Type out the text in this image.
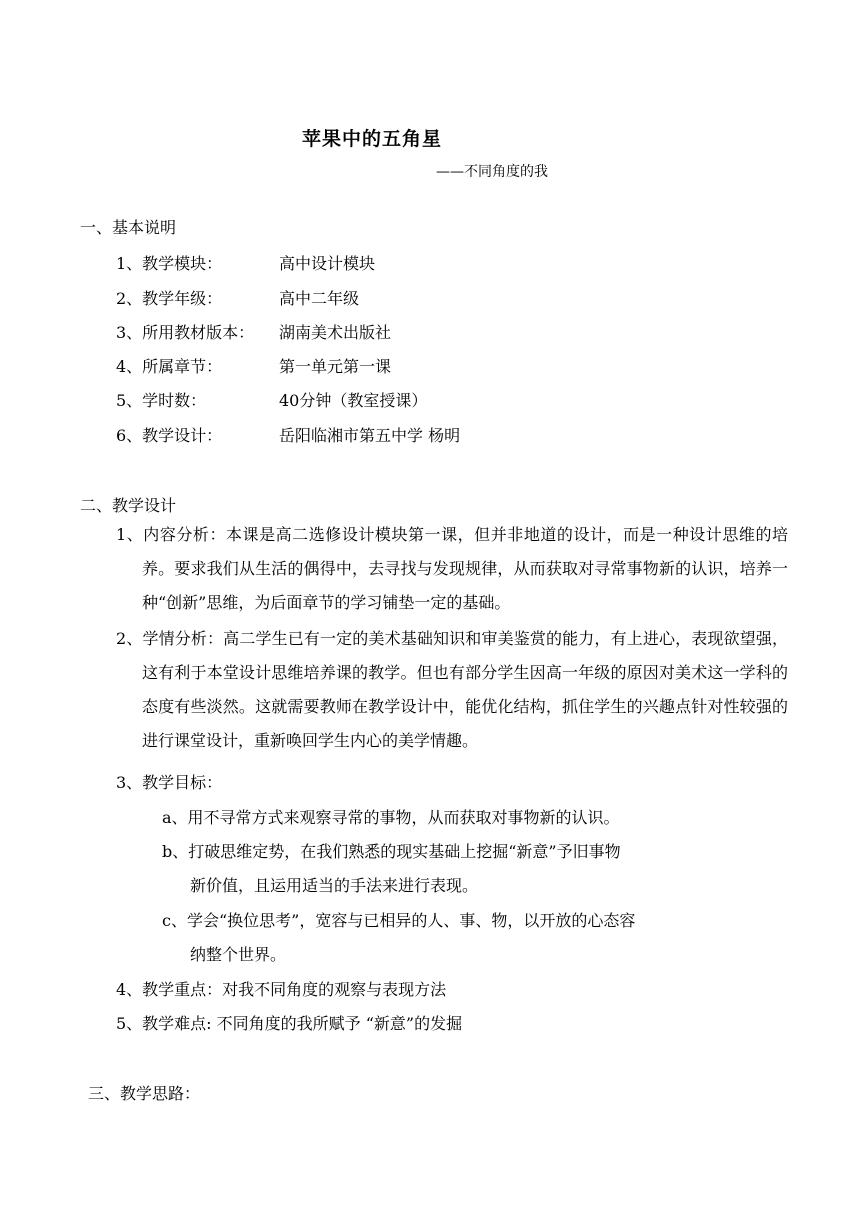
苹果中的五角星
——不同角度的我
一、基本说明
1、教学模块：	高中设计模块
2、教学年级：	高中二年级
3、所用教材版本： 湖南美术出版社
4、所属章节：	第一单元第一课
5、学时数：	40分钟（教室授课）
6、教学设计：	岳阳临湘市第五中学 杨明
二、教学设计
1、内容分析：本课是高二选修设计模块第一课，但并非地道的设计，而是一种设计思维的培养。要求我们从生活的偶得中，去寻找与发现规律，从而获取对寻常事物新的认识，培养一种“创新”思维，为后面章节的学习铺垫一定的基础。
2、学情分析：高二学生已有一定的美术基础知识和审美鉴赏的能力，有上进心，表现欲望强，这有利于本堂设计思维培养课的教学。但也有部分学生因高一年级的原因对美术这一学科的态度有些淡然。这就需要教师在教学设计中，能优化结构，抓住学生的兴趣点针对性较强的进行课堂设计，重新唤回学生内心的美学情趣。
3、教学目标：
a、用不寻常方式来观察寻常的事物，从而获取对事物新的认识。
b、打破思维定势，在我们熟悉的现实基础上挖掘“新意”予旧事物
新价值，且运用适当的手法来进行表现。
c、学会“换位思考”，宽容与已相异的人、事、物，以开放的心态容
纳整个世界。
4、教学重点：对我不同角度的观察与表现方法
5、教学难点: 不同角度的我所赋予 “新意”的发掘
三、教学思路：
